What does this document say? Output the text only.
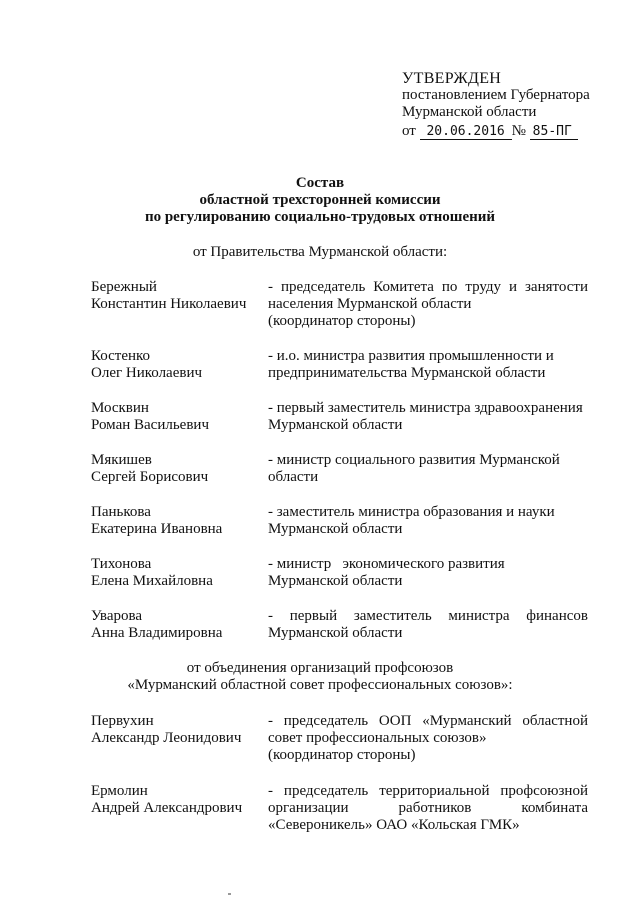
УТВЕРЖДЕН
постановлением Губернатора
Мурманской области
от 20.06.2016 № 85-ПГ
Состав
областной трехсторонней комиссии
по регулированию социально-трудовых отношений
от Правительства Мурманской области:
Бережный
Константин Николаевич
- председатель Комитета по труду и занятости
населения Мурманской области
(координатор стороны)
Костенко
Олег Николаевич
- и.о. министра развития промышленности и
предпринимательства Мурманской области
Москвин
Роман Васильевич
- первый заместитель министра здравоохранения
Мурманской области
Мякишев
Сергей Борисович
- министр социального развития Мурманской
области
Панькова
Екатерина Ивановна
- заместитель министра образования и науки
Мурманской области
Тихонова
Елена Михайловна
- министр   экономического развития
Мурманской области
Уварова
Анна Владимировна
- первый заместитель министра финансов
Мурманской области
от объединения организаций профсоюзов
«Мурманский областной совет профессиональных союзов»:
Первухин
Александр Леонидович
- председатель ООП «Мурманский областной
совет профессиональных союзов»
(координатор стороны)
Ермолин
Андрей Александрович
- председатель территориальной профсоюзной
организации работников комбината
«Североникель» ОАО «Кольская ГМК»
